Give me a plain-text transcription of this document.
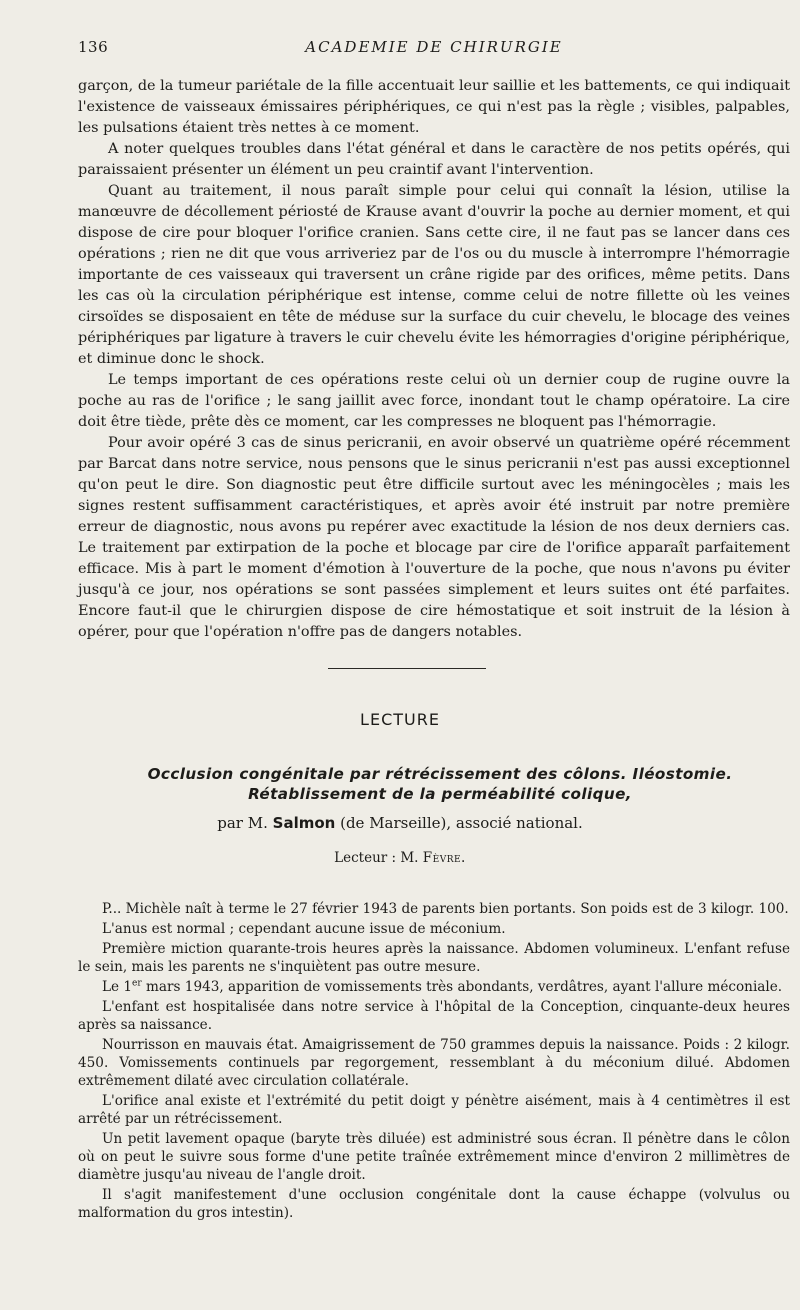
136	ACADEMIE DE CHIRURGIE

garçon, de la tumeur pariétale de la fille accentuait leur saillie et les battements, ce qui indiquait l'existence de vaisseaux émissaires périphériques, ce qui n'est pas la règle ; visibles, palpables, les pulsations étaient très nettes à ce moment.

A noter quelques troubles dans l'état général et dans le caractère de nos petits opérés, qui paraissaient présenter un élément un peu craintif avant l'intervention.

Quant au traitement, il nous paraît simple pour celui qui connaît la lésion, utilise la manœuvre de décollement périosté de Krause avant d'ouvrir la poche au dernier moment, et qui dispose de cire pour bloquer l'orifice cranien. Sans cette cire, il ne faut pas se lancer dans ces opérations ; rien ne dit que vous arriveriez par de l'os ou du muscle à interrompre l'hémorragie importante de ces vaisseaux qui traversent un crâne rigide par des orifices, même petits. Dans les cas où la circulation périphérique est intense, comme celui de notre fillette où les veines cirsoïdes se disposaient en tête de méduse sur la surface du cuir chevelu, le blocage des veines périphériques par ligature à travers le cuir chevelu évite les hémorragies d'origine périphérique, et diminue donc le shock.

Le temps important de ces opérations reste celui où un dernier coup de rugine ouvre la poche au ras de l'orifice ; le sang jaillit avec force, inondant tout le champ opératoire. La cire doit être tiède, prête dès ce moment, car les compresses ne bloquent pas l'hémorragie.

Pour avoir opéré 3 cas de sinus pericranii, en avoir observé un quatrième opéré récemment par Barcat dans notre service, nous pensons que le sinus pericranii n'est pas aussi exceptionnel qu'on peut le dire. Son diagnostic peut être difficile surtout avec les méningocèles ; mais les signes restent suffisamment caractéristiques, et après avoir été instruit par notre première erreur de diagnostic, nous avons pu repérer avec exactitude la lésion de nos deux derniers cas. Le traitement par extirpation de la poche et blocage par cire de l'orifice apparaît parfaitement efficace. Mis à part le moment d'émotion à l'ouverture de la poche, que nous n'avons pu éviter jusqu'à ce jour, nos opérations se sont passées simplement et leurs suites ont été parfaites. Encore faut-il que le chirurgien dispose de cire hémostatique et soit instruit de la lésion à opérer, pour que l'opération n'offre pas de dangers notables.

LECTURE
Occlusion congénitale par rétrécissement des côlons. Iléostomie.
Rétablissement de la perméabilité colique,
par M. Salmon (de Marseille), associé national.
Lecteur : M. Fèvre.

P... Michèle naît à terme le 27 février 1943 de parents bien portants. Son poids est de 3 kilogr. 100.

L'anus est normal ; cependant aucune issue de méconium.

Première miction quarante-trois heures après la naissance. Abdomen volumineux. L'enfant refuse le sein, mais les parents ne s'inquiètent pas outre mesure.

Le 1er mars 1943, apparition de vomissements très abondants, verdâtres, ayant l'allure méconiale.

L'enfant est hospitalisée dans notre service à l'hôpital de la Conception, cinquante-deux heures après sa naissance.

Nourrisson en mauvais état. Amaigrissement de 750 grammes depuis la naissance. Poids : 2 kilogr. 450. Vomissements continuels par regorgement, ressemblant à du méconium dilué. Abdomen extrêmement dilaté avec circulation collatérale.

L'orifice anal existe et l'extrémité du petit doigt y pénètre aisément, mais à 4 centimètres il est arrêté par un rétrécissement.

Un petit lavement opaque (baryte très diluée) est administré sous écran. Il pénètre dans le côlon où on peut le suivre sous forme d'une petite traînée extrêmement mince d'environ 2 millimètres de diamètre jusqu'au niveau de l'angle droit.

Il s'agit manifestement d'une occlusion congénitale dont la cause échappe (volvulus ou malformation du gros intestin).
